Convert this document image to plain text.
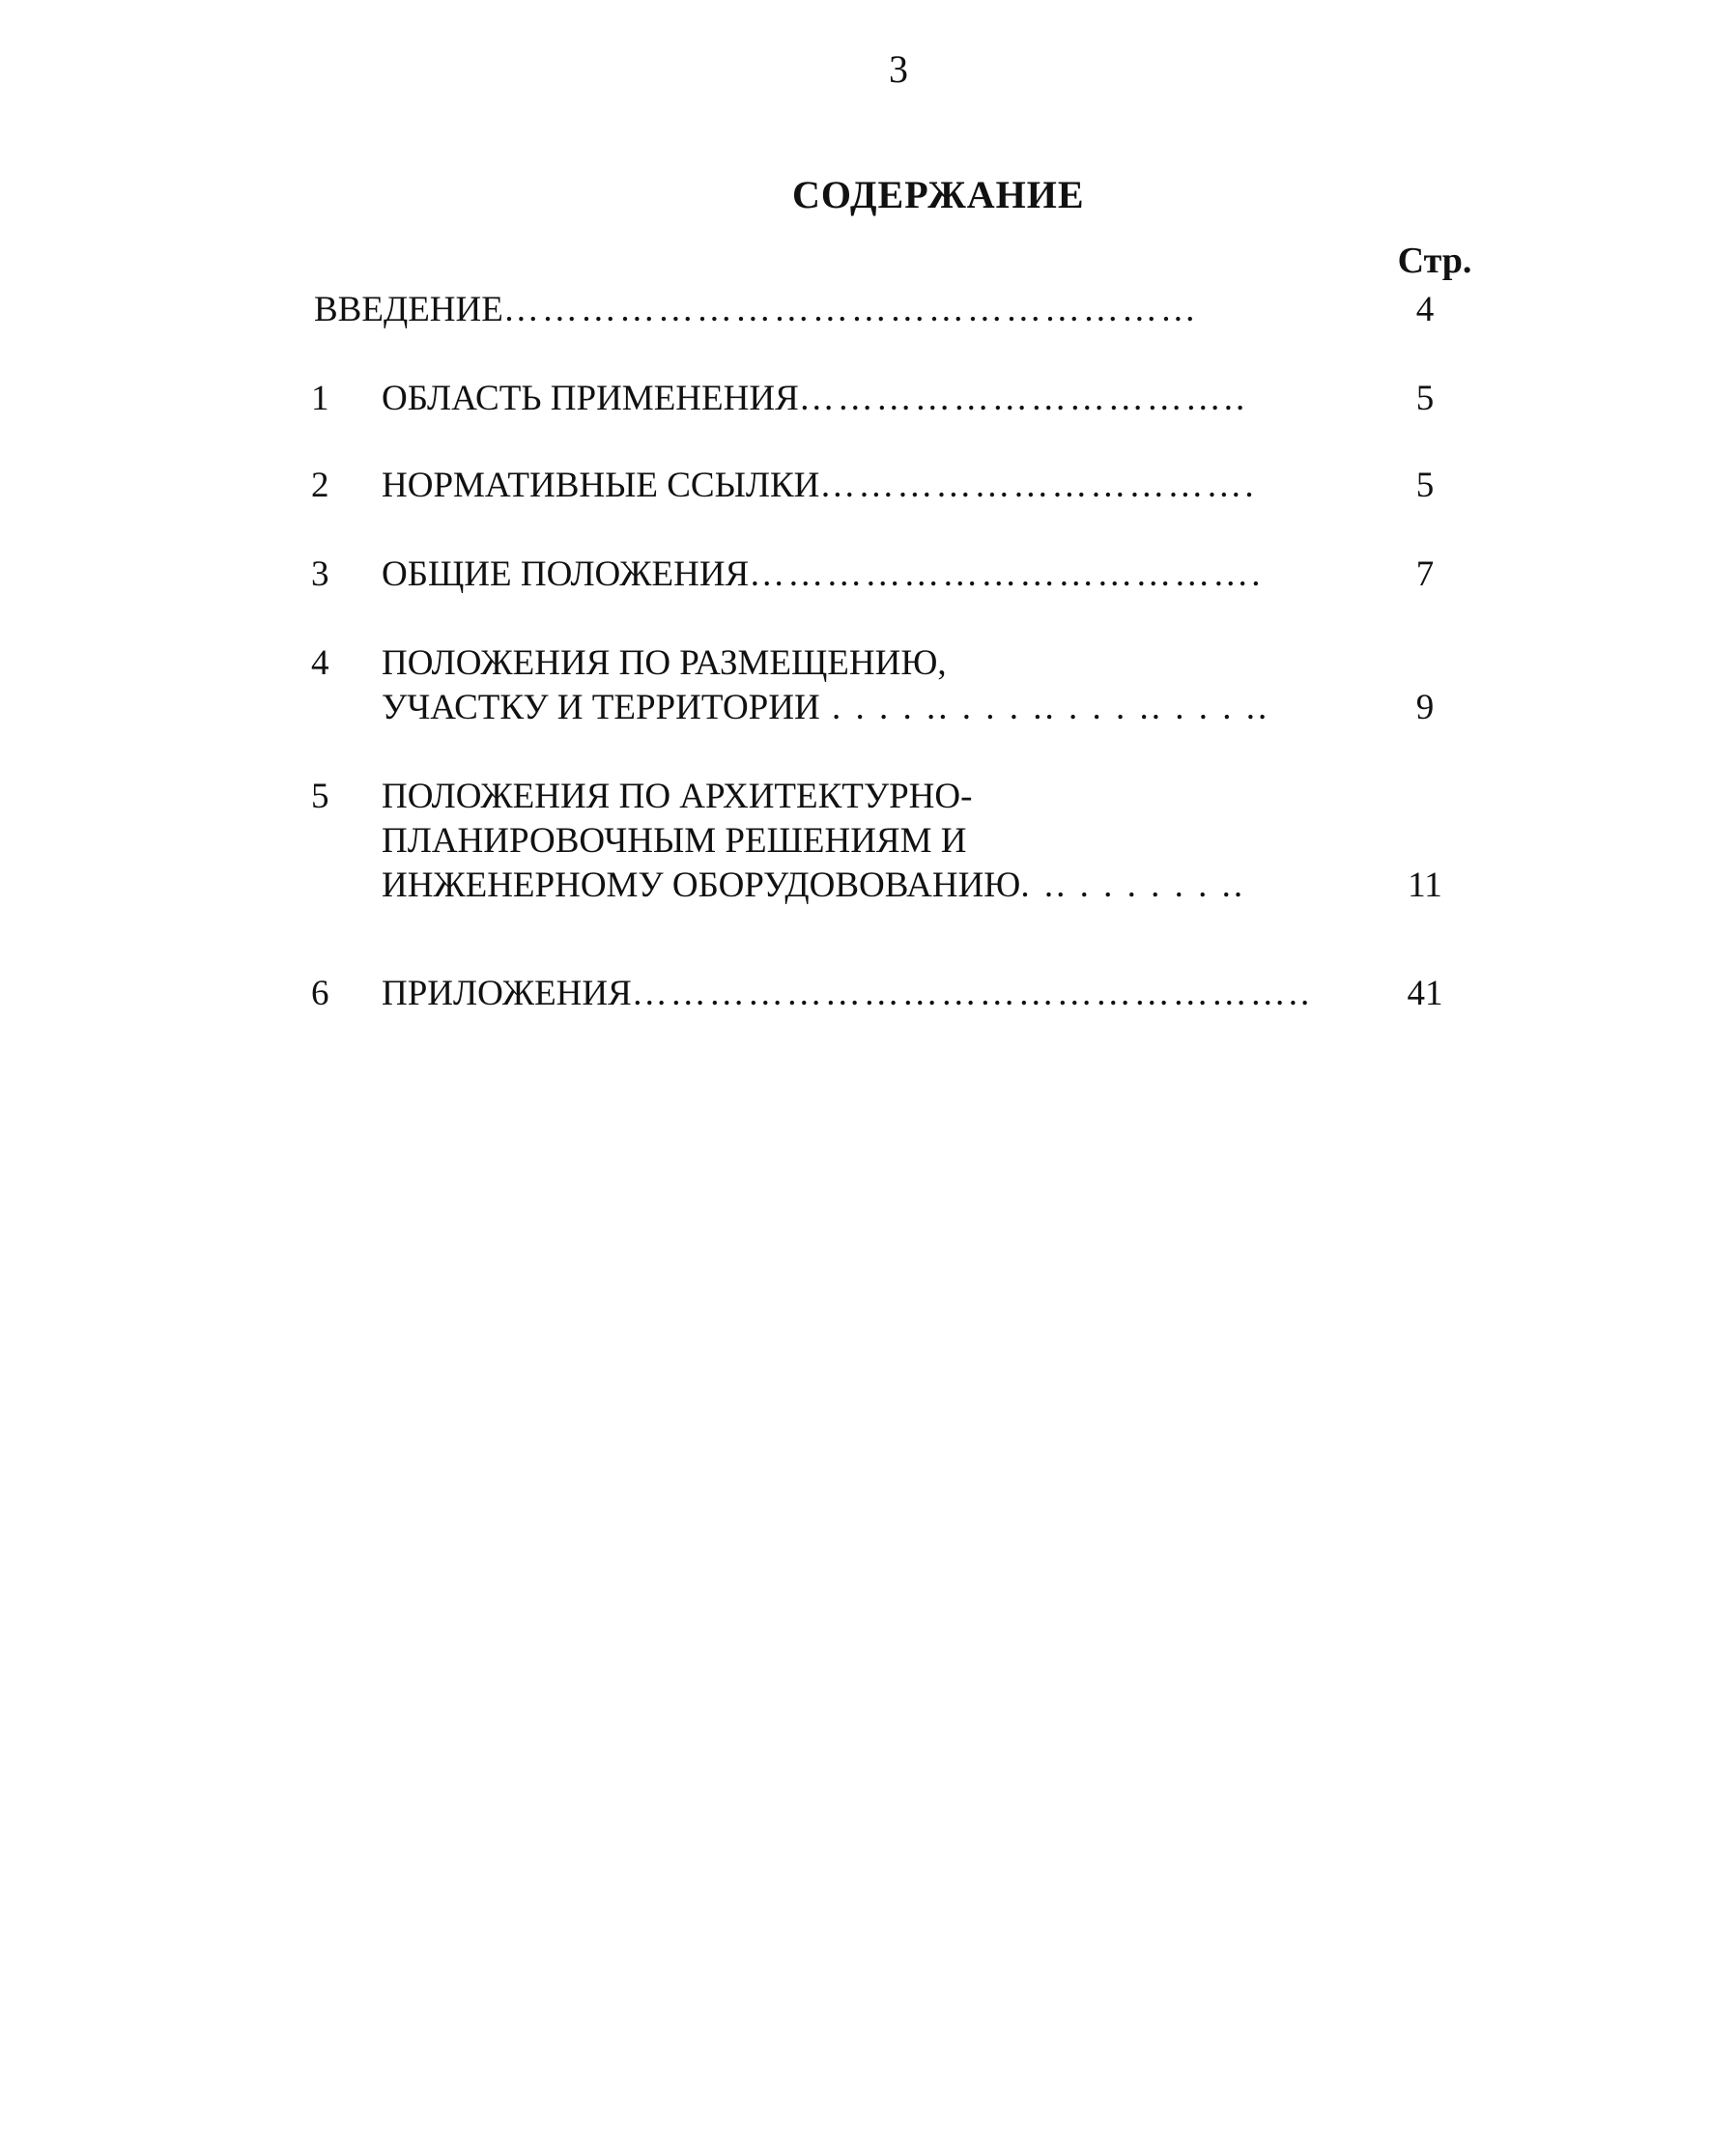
3
СОДЕРЖАНИЕ
Стр.
ВВЕДЕНИЕ………………………………………………	4
1	ОБЛАСТЬ ПРИМЕНЕНИЯ……………………………..	5
2	НОРМАТИВНЫЕ ССЫЛКИ…………………………….	5
3	ОБЩИЕ ПОЛОЖЕНИЯ………………………………….	7
4	ПОЛОЖЕНИЯ ПО РАЗМЕЩЕНИЮ,
УЧАСТКУ И ТЕРРИТОРИИ . . . . .. . . . .. . . . .. . . . ..	9
5	ПОЛОЖЕНИЯ ПО АРХИТЕКТУРНО-
ПЛАНИРОВОЧНЫМ РЕШЕНИЯМ И
ИНЖЕНЕРНОМУ ОБОРУДОВОВАНИЮ. .. . . . . . . ..	11
6	ПРИЛОЖЕНИЯ……………………………………………..	41
